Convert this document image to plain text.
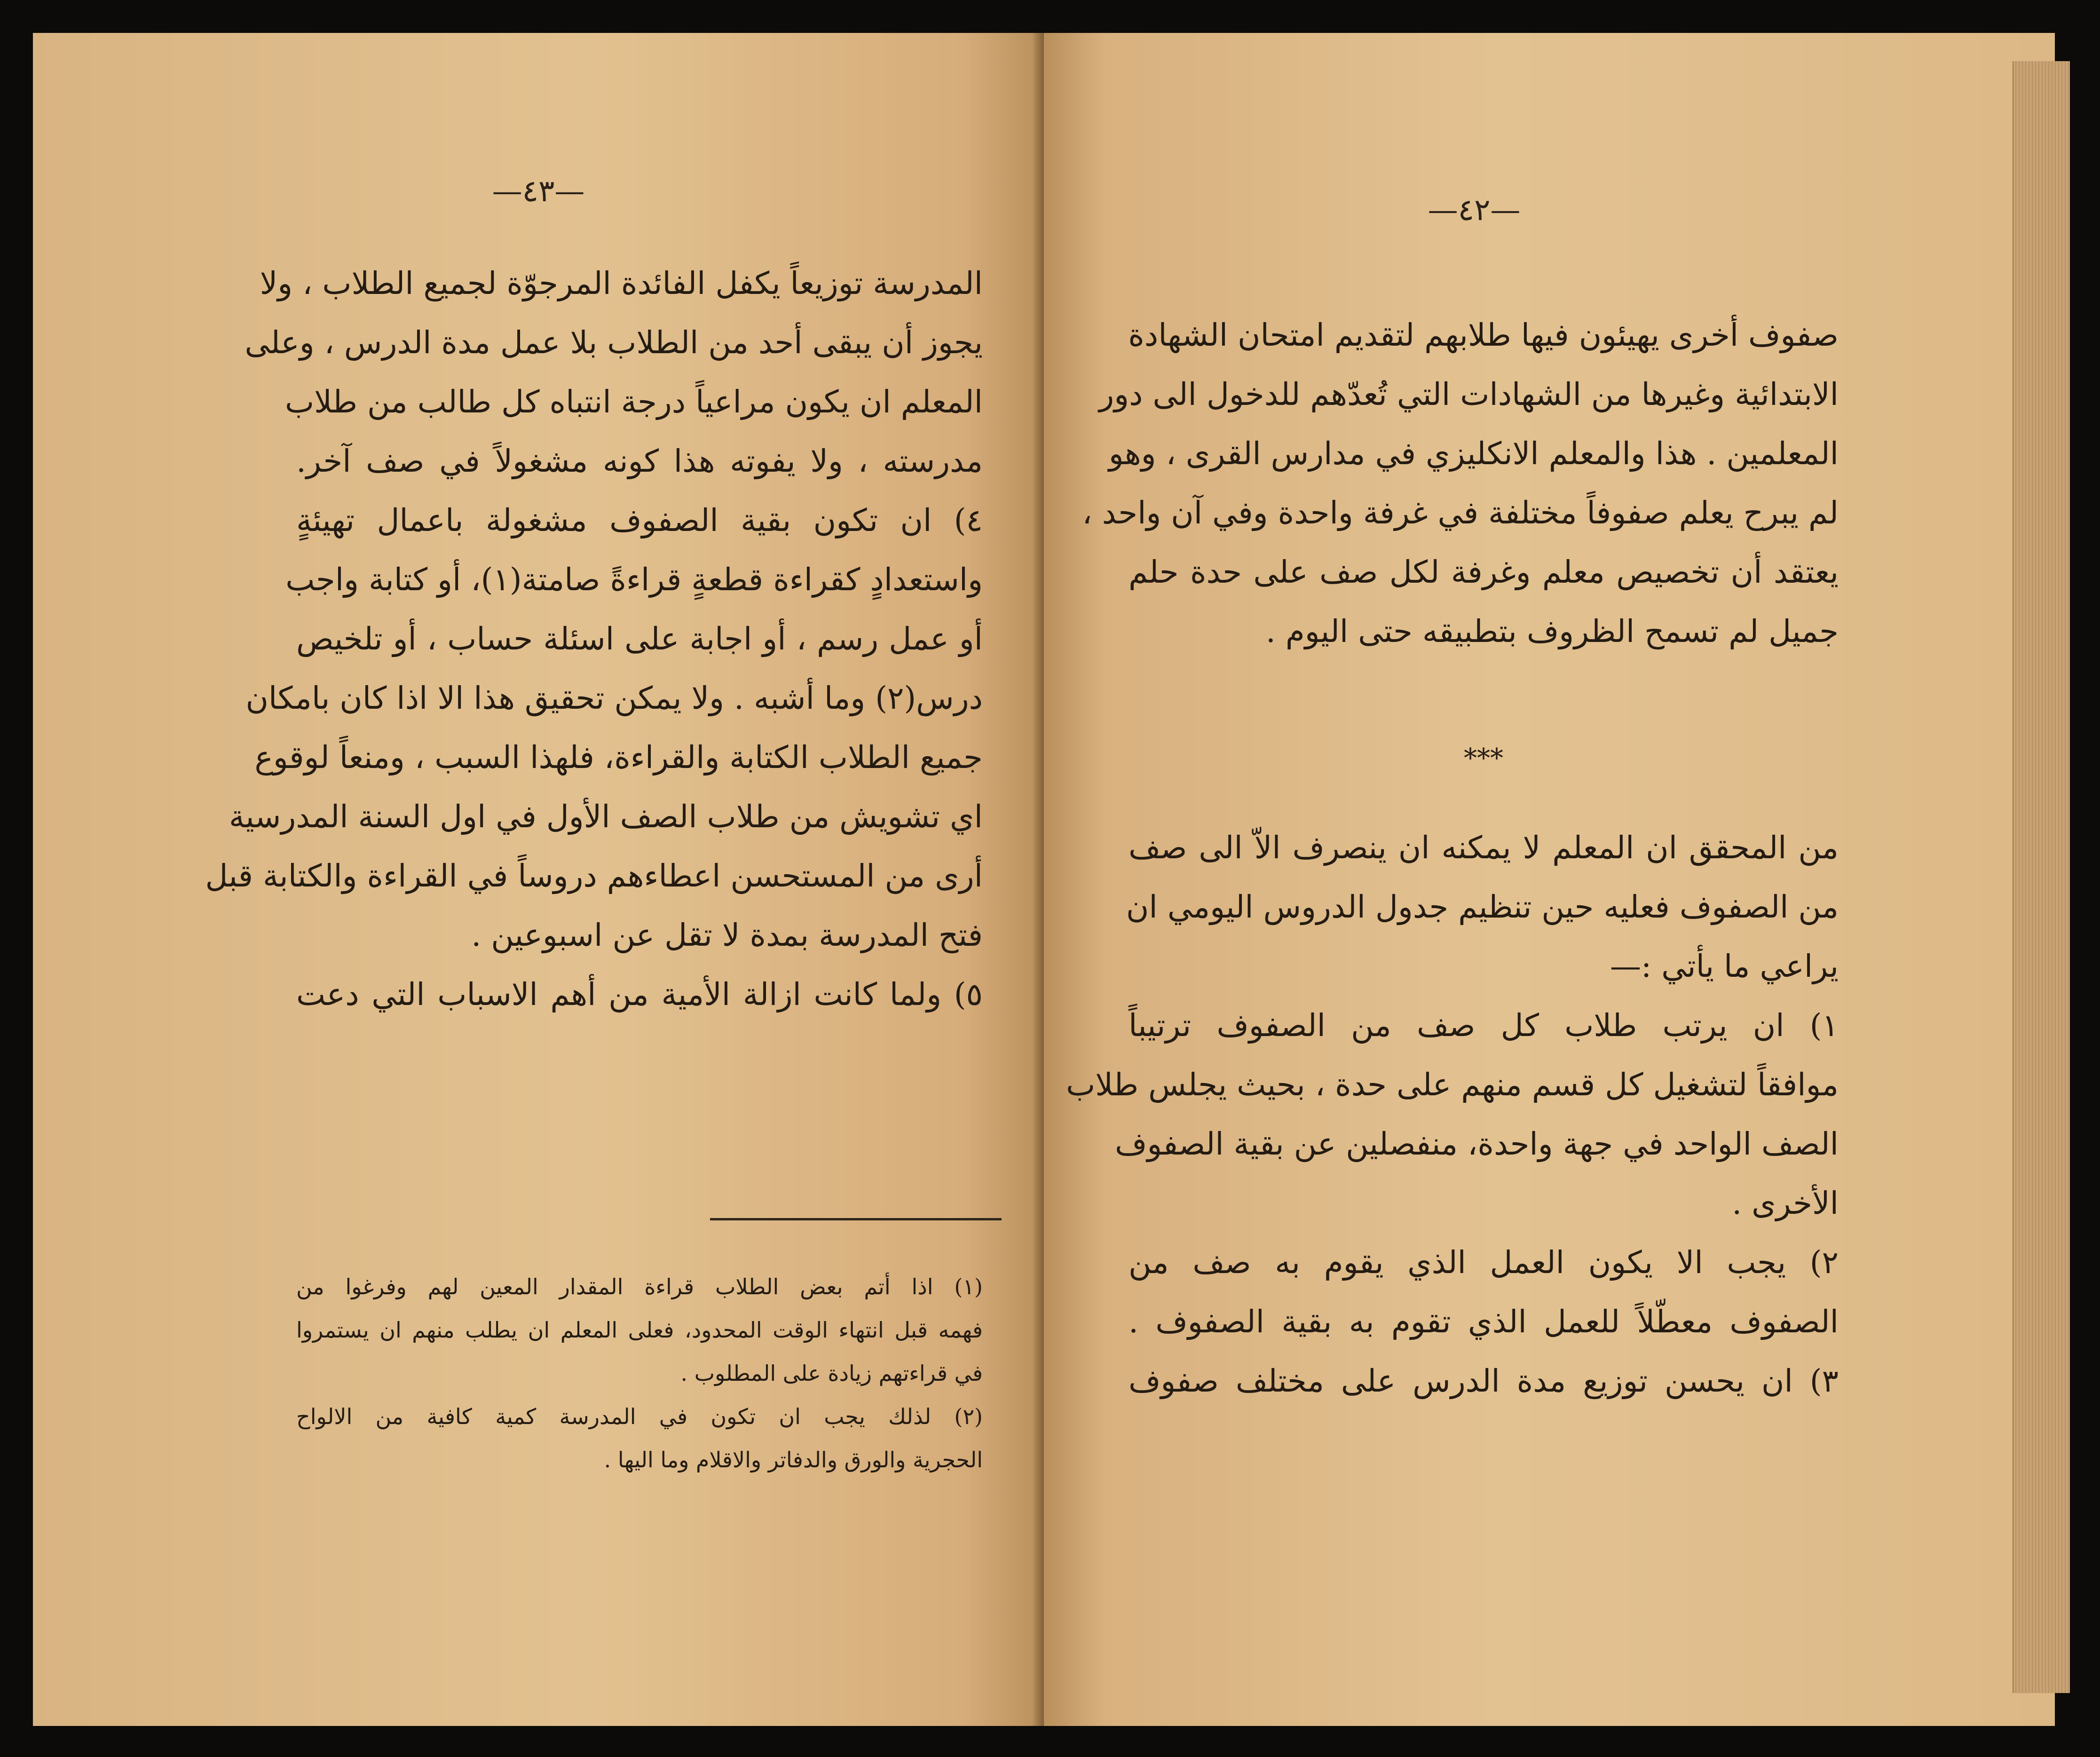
—٤٣—
المدرسة توزيعاً يكفل الفائدة المرجوّة لجميع الطلاب ، ولا
يجوز أن يبقى أحد من الطلاب بلا عمل مدة الدرس ، وعلى
المعلم ان يكون مراعياً درجة انتباه كل طالب من طلاب
مدرسته ، ولا يفوته هذا كونه مشغولاً في صف آخر.
٤) ان تكون بقية الصفوف مشغولة باعمال تهيئةٍ
واستعدادٍ كقراءة قطعةٍ قراءةً صامتة(١)، أو كتابة واجب
أو عمل رسم ، أو اجابة على اسئلة حساب ، أو تلخيص
درس(٢) وما أشبه . ولا يمكن تحقيق هذا الا اذا كان بامكان
جميع الطلاب الكتابة والقراءة، فلهذا السبب ، ومنعاً لوقوع
اي تشويش من طلاب الصف الأول في اول السنة المدرسية
أرى من المستحسن اعطاءهم دروساً في القراءة والكتابة قبل
فتح المدرسة بمدة لا تقل عن اسبوعين .
٥) ولما كانت ازالة الأمية من أهم الاسباب التي دعت
(١) اذا أتم بعض الطلاب قراءة المقدار المعين لهم وفرغوا من
فهمه قبل انتهاء الوقت المحدود، فعلى المعلم ان يطلب منهم ان يستمروا
في قراءتهم زيادة على المطلوب .
(٢) لذلك يجب ان تكون في المدرسة كمية كافية من الالواح
الحجرية والورق والدفاتر والاقلام وما اليها .
—٤٢—
صفوف أخرى يهيئون فيها طلابهم لتقديم امتحان الشهادة
الابتدائية وغيرها من الشهادات التي تُعدّهم للدخول الى دور
المعلمين . هذا والمعلم الانكليزي في مدارس القرى ، وهو
لم يبرح يعلم صفوفاً مختلفة في غرفة واحدة وفي آن واحد ،
يعتقد أن تخصيص معلم وغرفة لكل صف على حدة حلم
جميل لم تسمح الظروف بتطبيقه حتى اليوم .
***
من المحقق ان المعلم لا يمكنه ان ينصرف الاّ الى صف
من الصفوف فعليه حين تنظيم جدول الدروس اليومي ان
يراعي ما يأتي :—
١) ان يرتب طلاب كل صف من الصفوف ترتيباً
موافقاً لتشغيل كل قسم منهم على حدة ، بحيث يجلس طلاب
الصف الواحد في جهة واحدة، منفصلين عن بقية الصفوف
الأخرى .
٢) يجب الا يكون العمل الذي يقوم به صف من
الصفوف معطّلاً للعمل الذي تقوم به بقية الصفوف .
٣) ان يحسن توزيع مدة الدرس على مختلف صفوف
